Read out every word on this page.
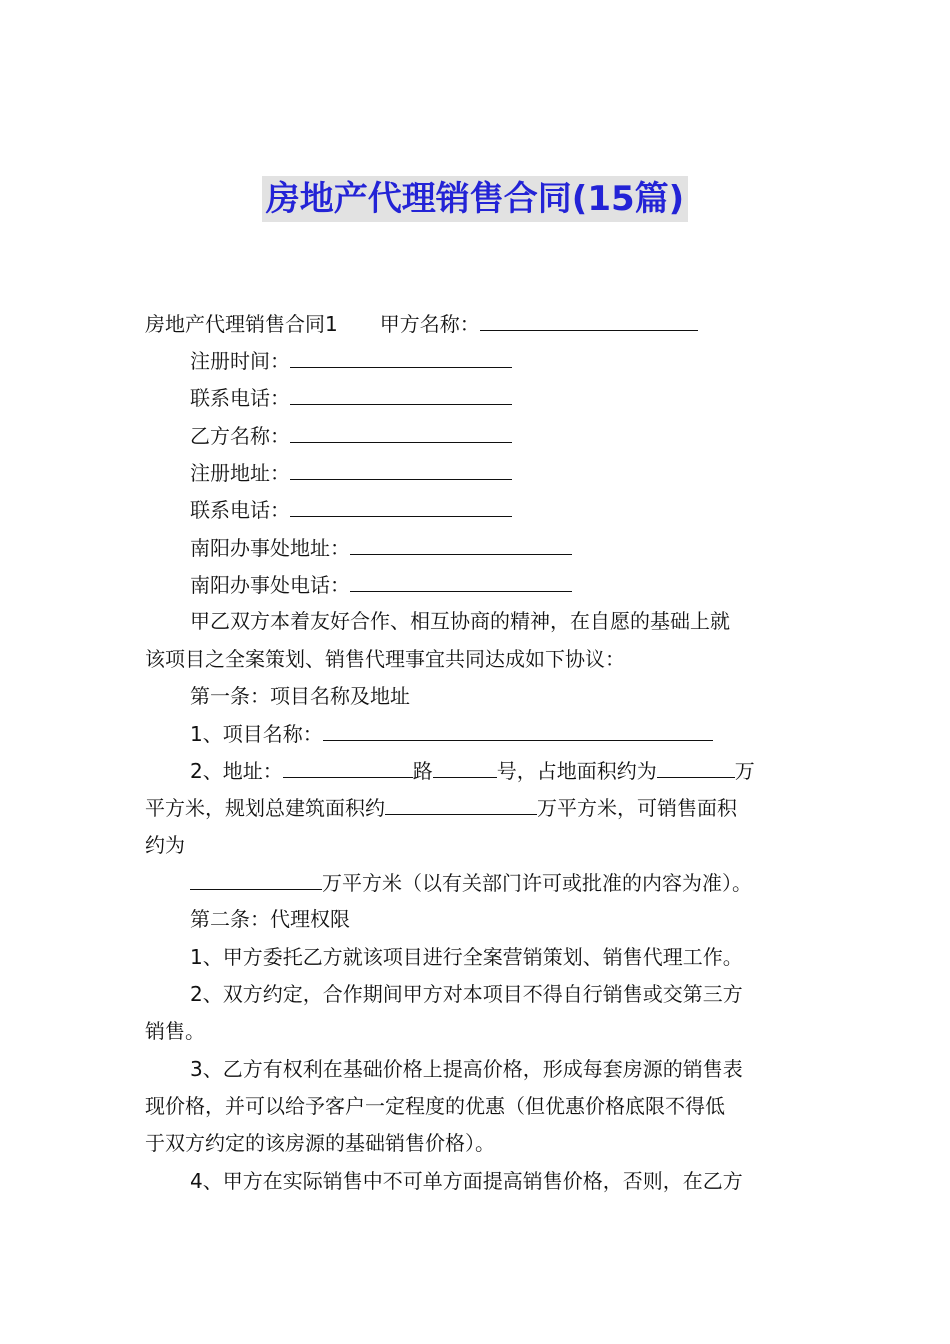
房地产代理销售合同(15篇)
房地产代理销售合同1 甲方名称：
注册时间：
联系电话：
乙方名称：
注册地址：
联系电话：
南阳办事处地址：
南阳办事处电话：
甲乙双方本着友好合作、相互协商的精神，在自愿的基础上就
该项目之全案策划、销售代理事宜共同达成如下协议：
第一条：项目名称及地址
1、项目名称：
2、地址：	路	号，占地面积约为	万
平方米，规划总建筑面积约	万平方米，可销售面积
约为
万平方米（以有关部门许可或批准的内容为准）。
第二条：代理权限
1、甲方委托乙方就该项目进行全案营销策划、销售代理工作。
2、双方约定，合作期间甲方对本项目不得自行销售或交第三方
销售。
3、乙方有权利在基础价格上提高价格，形成每套房源的销售表
现价格，并可以给予客户一定程度的优惠（但优惠价格底限不得低
于双方约定的该房源的基础销售价格）。
4、甲方在实际销售中不可单方面提高销售价格，否则，在乙方
